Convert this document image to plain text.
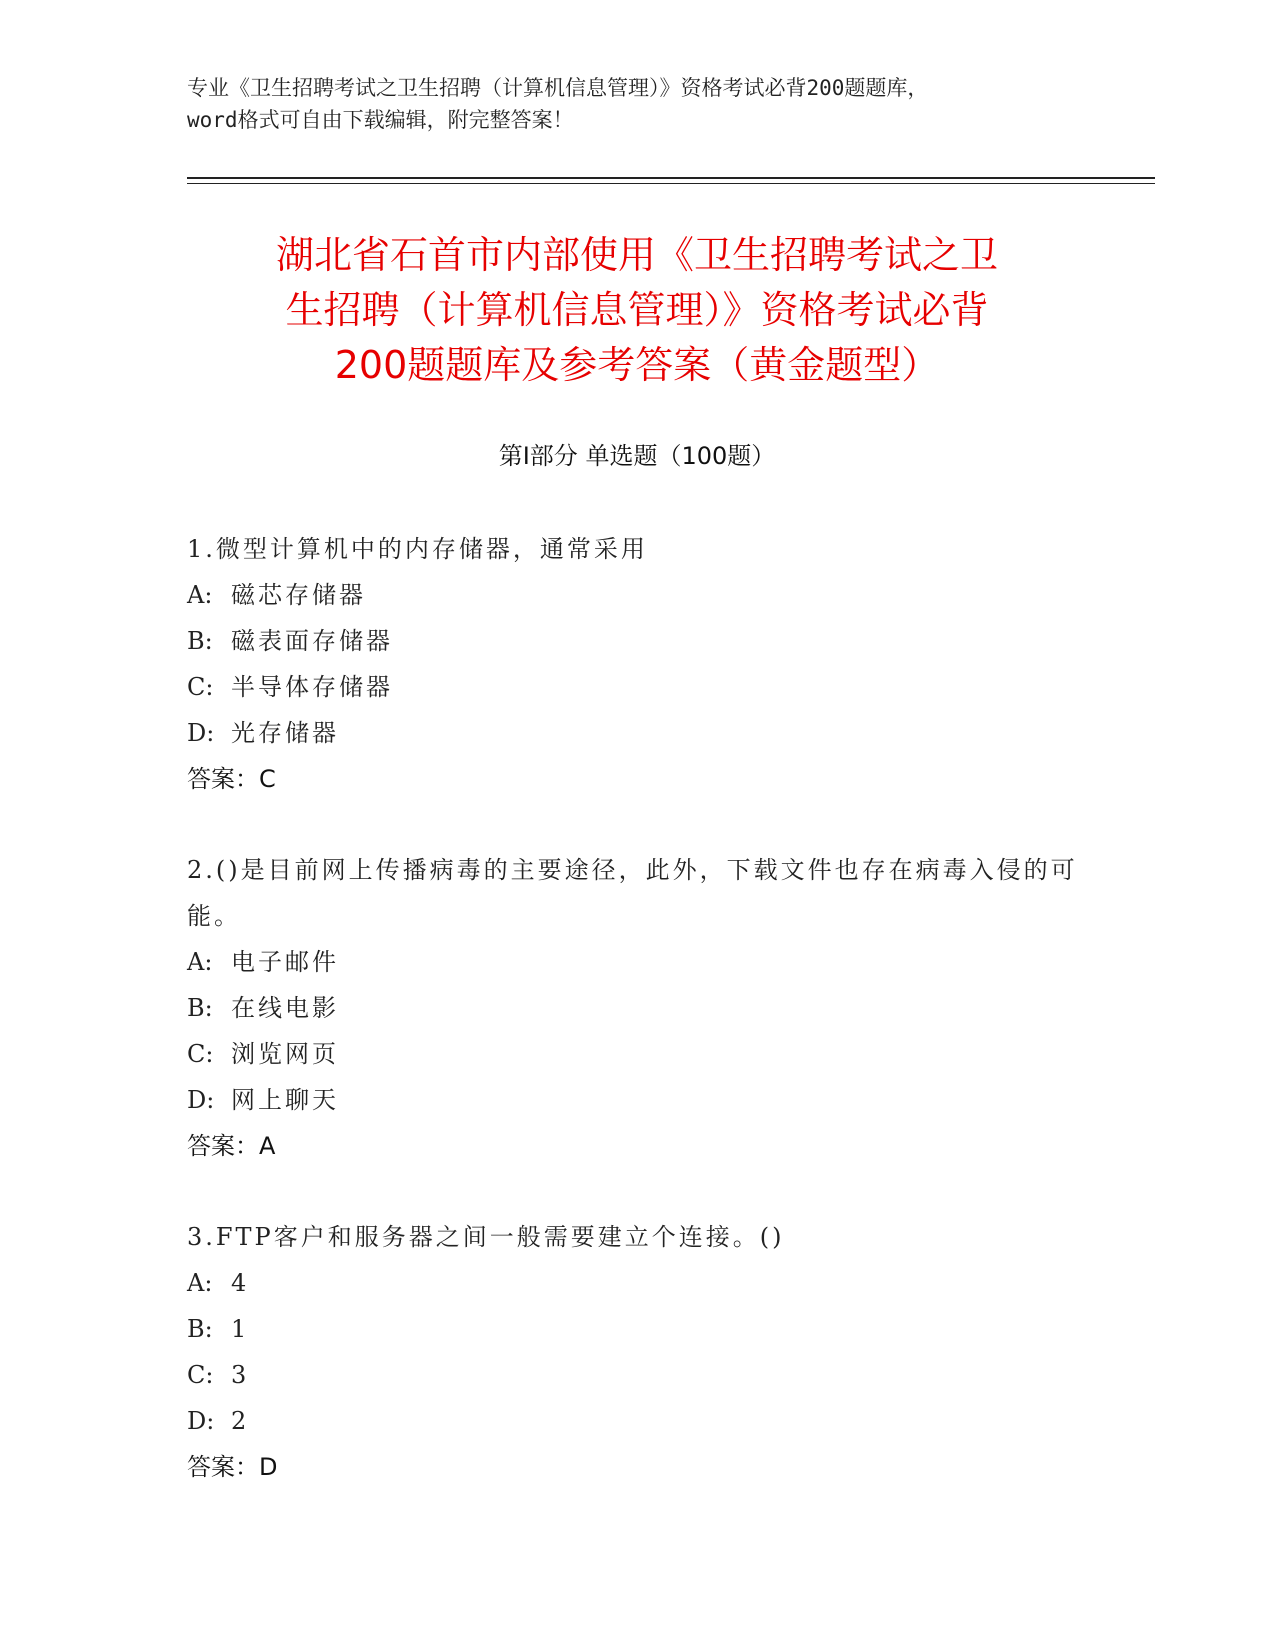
专业《卫生招聘考试之卫生招聘（计算机信息管理）》资格考试必背200题题库，
word格式可自由下载编辑，附完整答案！
湖北省石首市内部使用《卫生招聘考试之卫
生招聘（计算机信息管理）》资格考试必背
200题题库及参考答案（黄金题型）
第Ⅰ部分 单选题（100题）
1.微型计算机中的内存储器，通常采用
A: 磁芯存储器
B: 磁表面存储器
C: 半导体存储器
D: 光存储器
答案：C
2.()是目前网上传播病毒的主要途径，此外，下载文件也存在病毒入侵的可能。
A: 电子邮件
B: 在线电影
C: 浏览网页
D: 网上聊天
答案：A
3.FTP客户和服务器之间一般需要建立个连接。()
A: 4
B: 1
C: 3
D: 2
答案：D
